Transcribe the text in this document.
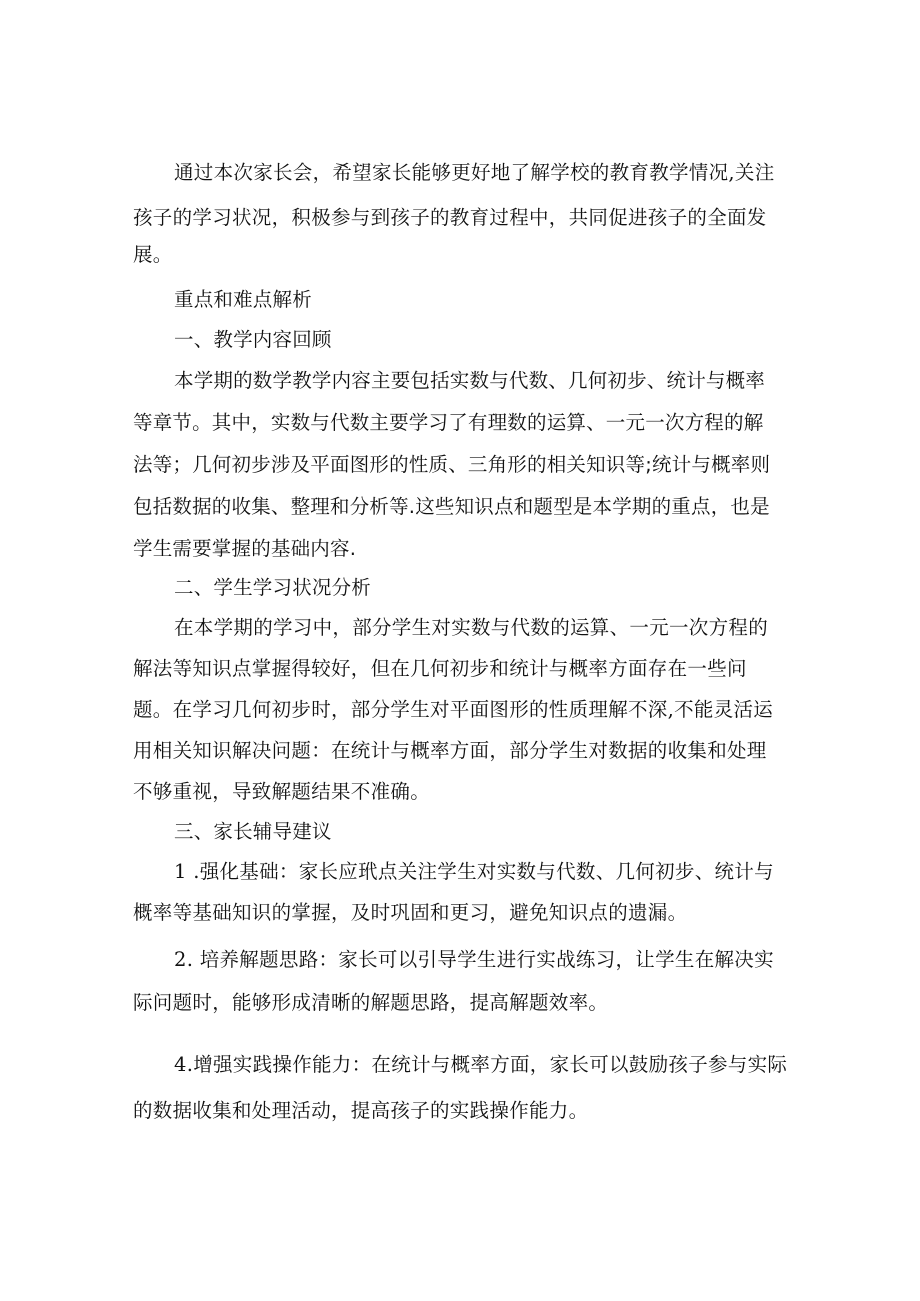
通过本次家长会，希望家长能够更好地了解学校的教育教学情况,关注
孩子的学习状况，积极参与到孩子的教育过程中，共同促进孩子的全面发
展。
重点和难点解析
一、教学内容回顾
本学期的数学教学内容主要包括实数与代数、几何初步、统计与概率
等章节。其中，实数与代数主要学习了有理数的运算、一元一次方程的解
法等；几何初步涉及平面图形的性质、三角形的相关知识等;统计与概率则
包括数据的收集、整理和分析等.这些知识点和题型是本学期的重点，也是
学生需要掌握的基础内容.
二、学生学习状况分析
在本学期的学习中，部分学生对实数与代数的运算、一元一次方程的
解法等知识点掌握得较好，但在几何初步和统计与概率方面存在一些问
题。在学习几何初步时，部分学生对平面图形的性质理解不深,不能灵活运
用相关知识解决问题：在统计与概率方面，部分学生对数据的收集和处理
不够重视，导致解题结果不准确。
三、家长辅导建议
1 .强化基础：家长应玳点关注学生对实数与代数、几何初步、统计与
概率等基础知识的掌握，及时巩固和更习，避免知识点的遗漏。
2. 培养解题思路：家长可以引导学生进行实战练习，让学生在解决实
际问题时，能够形成清晰的解题思路，提高解题效率。
4.增强实践操作能力：在统计与概率方面，家长可以鼓励孩子参与实际
的数据收集和处理活动，提高孩子的实践操作能力。
